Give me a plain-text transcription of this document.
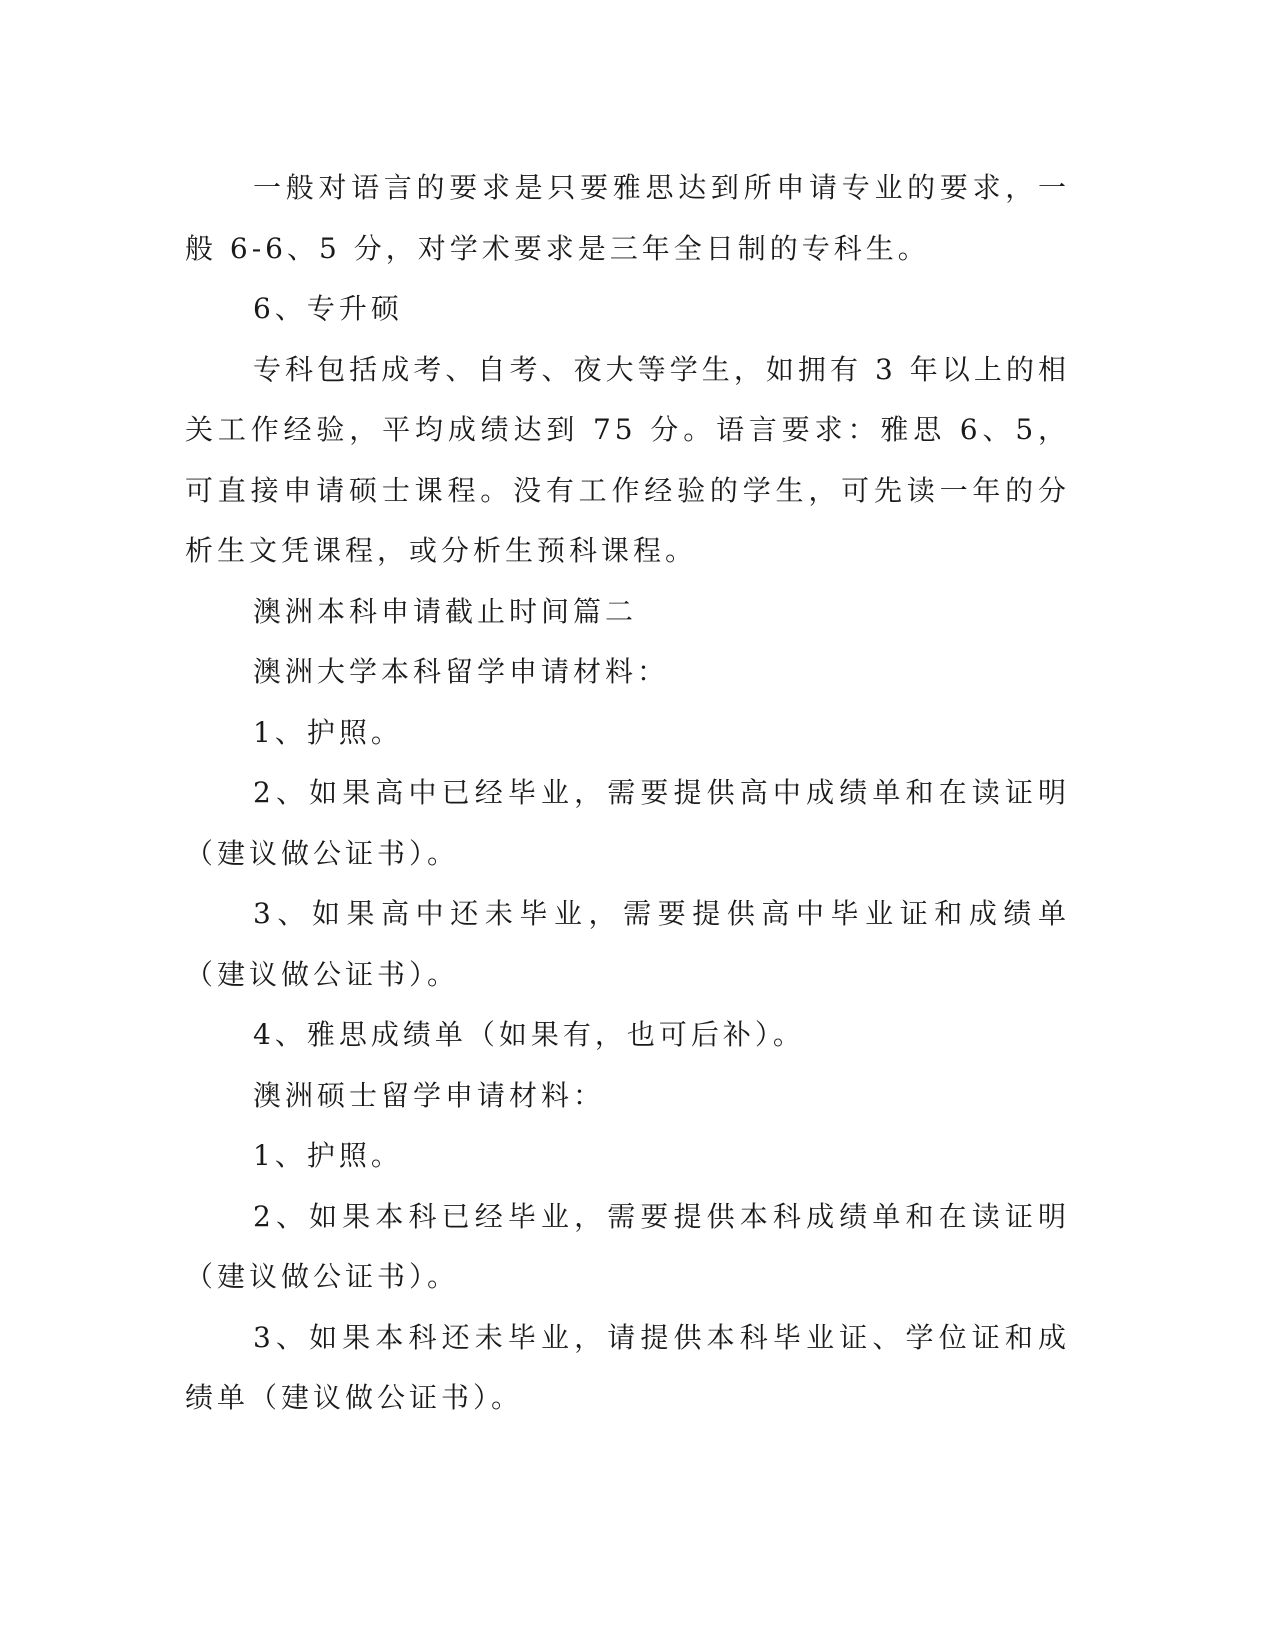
一般对语言的要求是只要雅思达到所申请专业的要求，一般 6-6、5 分，对学术要求是三年全日制的专科生。

6、专升硕

专科包括成考、自考、夜大等学生，如拥有 3 年以上的相关工作经验，平均成绩达到 75 分。语言要求：雅思 6、5，可直接申请硕士课程。没有工作经验的学生，可先读一年的分析生文凭课程，或分析生预科课程。

澳洲本科申请截止时间篇二

澳洲大学本科留学申请材料：

1、护照。

2、如果高中已经毕业，需要提供高中成绩单和在读证明（建议做公证书）。

3、如果高中还未毕业，需要提供高中毕业证和成绩单（建议做公证书）。

4、雅思成绩单（如果有，也可后补）。

澳洲硕士留学申请材料：

1、护照。

2、如果本科已经毕业，需要提供本科成绩单和在读证明（建议做公证书）。

3、如果本科还未毕业，请提供本科毕业证、学位证和成绩单（建议做公证书）。
